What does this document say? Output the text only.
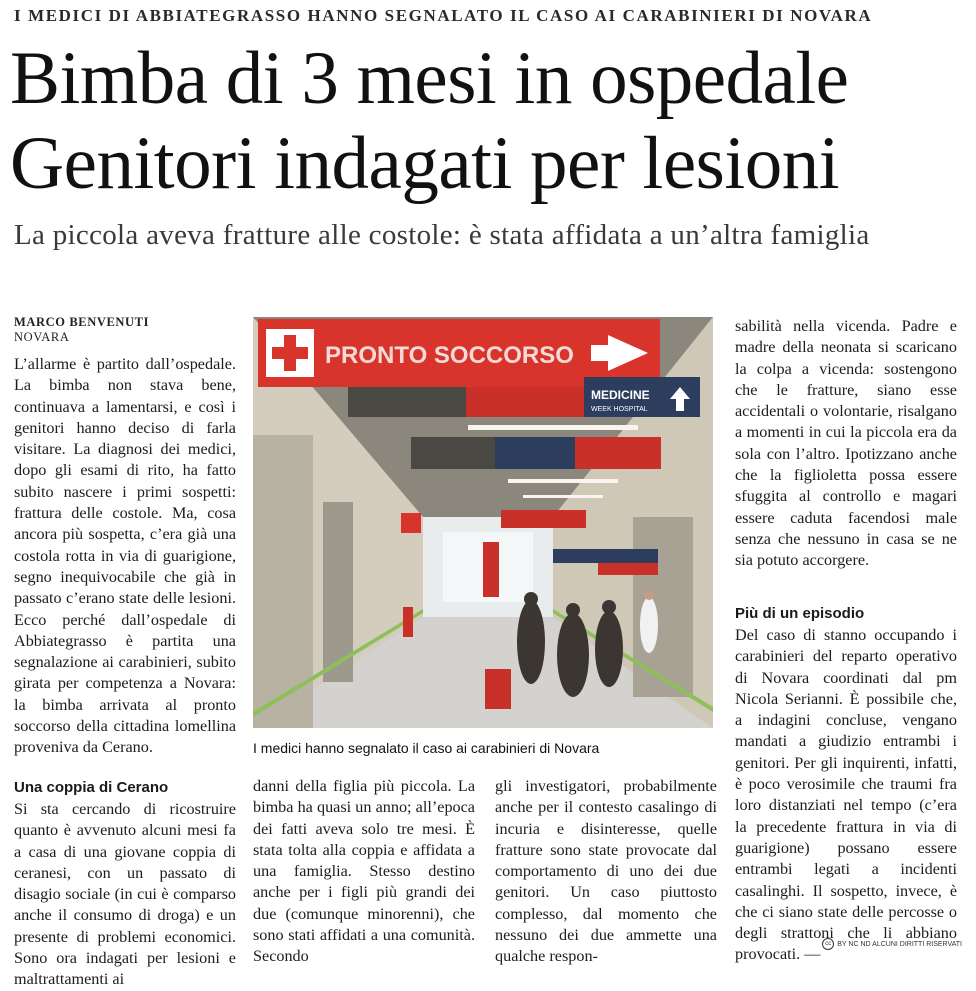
I MEDICI DI ABBIATEGRASSO HANNO SEGNALATO IL CASO AI CARABINIERI DI NOVARA
Bimba di 3 mesi in ospedale
Genitori indagati per lesioni
La piccola aveva fratture alle costole: è stata affidata a un’altra famiglia
MARCO BENVENUTI
NOVARA

L’allarme è partito dall’ospedale. La bimba non stava bene, continuava a lamentarsi, e così i genitori hanno deciso di farla visitare. La diagnosi dei medici, dopo gli esami di rito, ha fatto subito nascere i primi sospetti: frattura delle costole. Ma, cosa ancora più sospetta, c’era già una costola rotta in via di guarigione, segno inequivocabile che già in passato c’erano state delle lesioni. Ecco perché dall’ospedale di Abbiategrasso è partita una segnalazione ai carabinieri, subito girata per competenza a Novara: la bimba arrivata al pronto soccorso della cittadina lomellina proveniva da Cerano.

Una coppia di Cerano

Si sta cercando di ricostruire quanto è avvenuto alcuni mesi fa a casa di una giovane coppia di ceranesi, con un passato di disagio sociale (in cui è comparso anche il consumo di droga) e un presente di problemi economici. Sono ora indagati per lesioni e maltrattamenti ai

PRONTO SOCCORSO
MEDICINE
WEEK HOSPITAL
I medici hanno segnalato il caso ai carabinieri di Novara

danni della figlia più piccola. La bimba ha quasi un anno; all’epoca dei fatti aveva solo tre mesi. È stata tolta alla coppia e affidata a una famiglia. Stesso destino anche per i figli più grandi dei due (comunque minorenni), che sono stati affidati a una comunità. Secondo

gli investigatori, probabilmente anche per il contesto casalingo di incuria e disinteresse, quelle fratture sono state provocate dal comportamento di uno dei due genitori. Un caso piuttosto complesso, dal momento che nessuno dei due ammette una qualche respon-

sabilità nella vicenda. Padre e madre della neonata si scaricano la colpa a vicenda: sostengono che le fratture, siano esse accidentali o volontarie, risalgano a momenti in cui la piccola era da sola con l’altro. Ipotizzano anche che la figlioletta possa essere sfuggita al controllo e magari essere caduta facendosi male senza che nessuno in casa se ne sia potuto accorgere.

Più di un episodio

Del caso di stanno occupando i carabinieri del reparto operativo di Novara coordinati dal pm Nicola Serianni. È possibile che, a indagini concluse, vengano mandati a giudizio entrambi i genitori. Per gli inquirenti, infatti, è poco verosimile che traumi fra loro distanziati nel tempo (c’era la precedente frattura in via di guarigione) possano essere entrambi legati a incidenti casalinghi. Il sospetto, invece, è che ci siano state delle percosse o degli strattoni che li abbiano provocati. —

cc BY NC ND ALCUNI DIRITTI RISERVATI
